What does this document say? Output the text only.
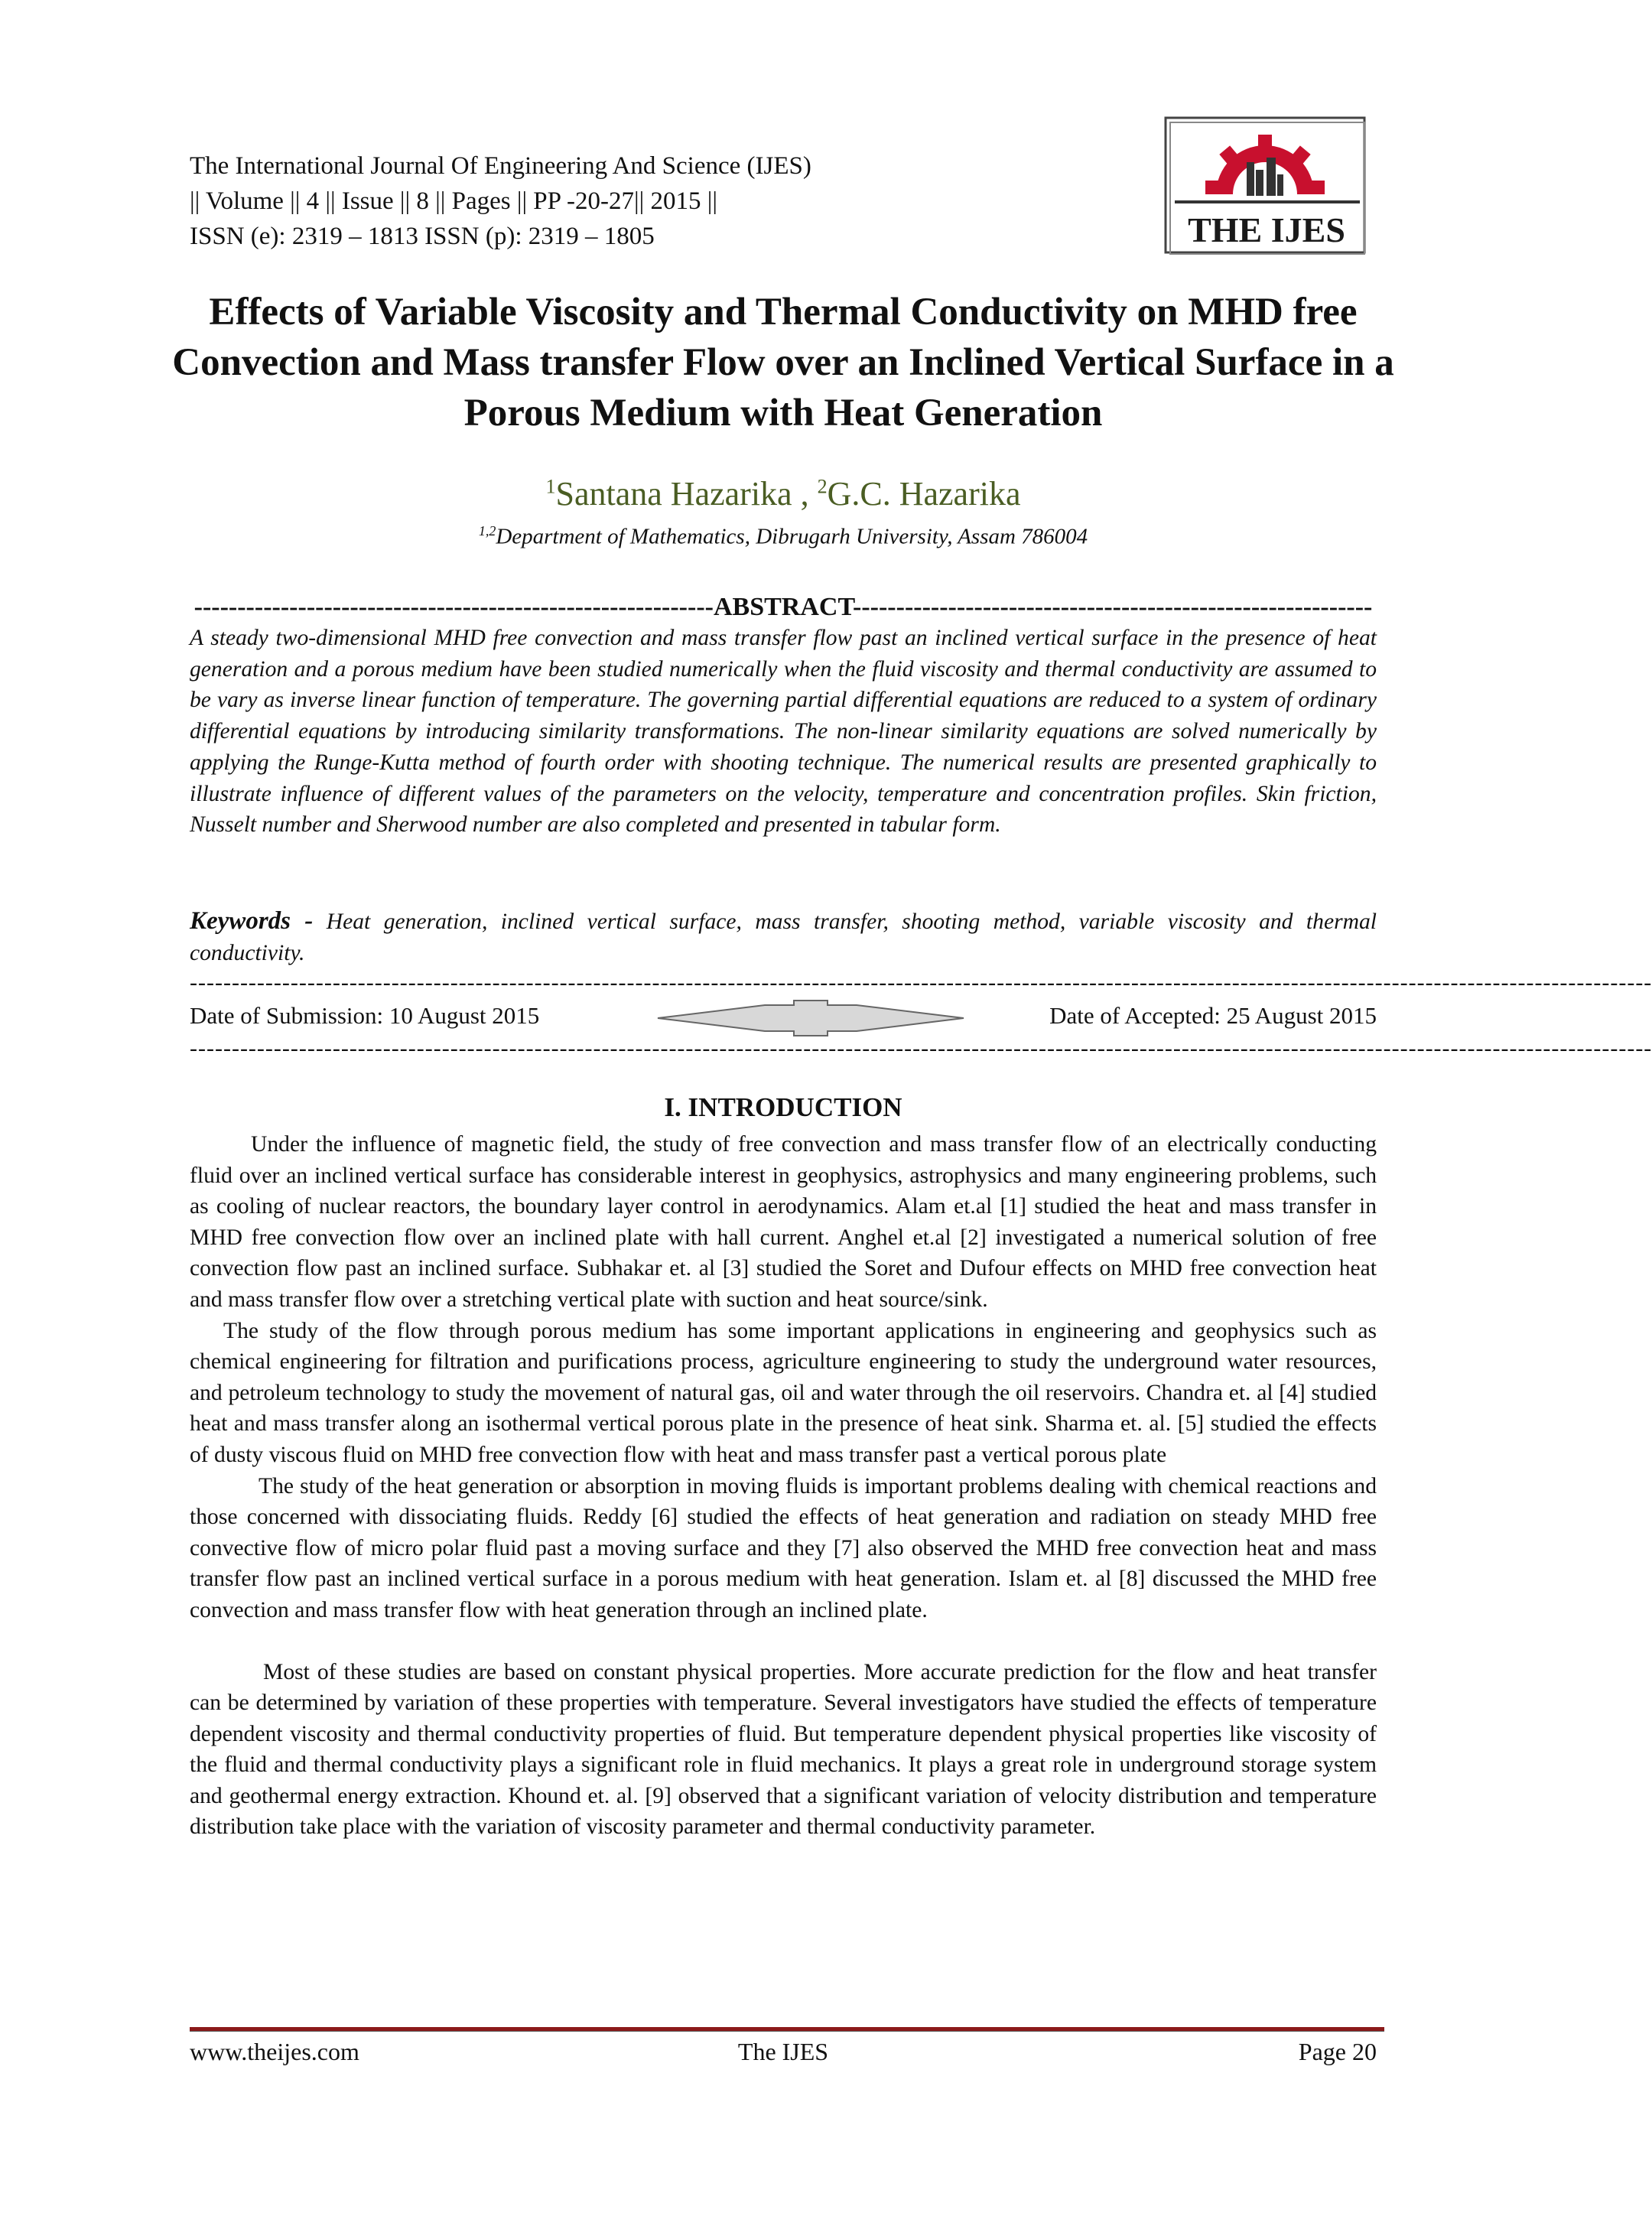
The International Journal Of Engineering And Science (IJES)
|| Volume || 4 || Issue || 8 || Pages || PP -20-27|| 2015 ||
ISSN (e): 2319 – 1813 ISSN (p): 2319 – 1805	THE IJES
Effects of Variable Viscosity and Thermal Conductivity on MHD free Convection and Mass transfer Flow over an Inclined Vertical Surface in a Porous Medium with Heat Generation
$^1$Santana Hazarika , $^2$G.C. Hazarika
$^{1,2}$Department of Mathematics, Dibrugarh University, Assam 786004
------------------------------------------------------------ABSTRACT------------------------------------------------------------
A steady two-dimensional MHD free convection and mass transfer flow past an inclined vertical surface in the presence of heat generation and a porous medium have been studied numerically when the fluid viscosity and thermal conductivity are assumed to be vary as inverse linear function of temperature. The governing partial differential equations are reduced to a system of ordinary differential equations by introducing similarity transformations. The non-linear similarity equations are solved numerically by applying the Runge-Kutta method of fourth order with shooting technique. The numerical results are presented graphically to illustrate influence of different values of the parameters on the velocity, temperature and concentration profiles. Skin friction, Nusselt number and Sherwood number are also completed and presented in tabular form.
Keywords - Heat generation, inclined vertical surface, mass transfer, shooting method, variable viscosity and thermal conductivity.
------------------------------------------------------------------------------------------------------------------------------------------------------------------------------
Date of Submission: 10 August 2015	Date of Accepted: 25 August 2015
------------------------------------------------------------------------------------------------------------------------------------------------------------------------------
I. INTRODUCTION

Under the influence of magnetic field, the study of free convection and mass transfer flow of an electrically conducting fluid over an inclined vertical surface has considerable interest in geophysics, astrophysics and many engineering problems, such as cooling of nuclear reactors, the boundary layer control in aerodynamics. Alam et.al [1] studied the heat and mass transfer in MHD free convection flow over an inclined plate with hall current. Anghel et.al [2] investigated a numerical solution of free convection flow past an inclined surface. Subhakar et. al [3] studied the Soret and Dufour effects on MHD free convection heat and mass transfer flow over a stretching vertical plate with suction and heat source/sink.

The study of the flow through porous medium has some important applications in engineering and geophysics such as chemical engineering for filtration and purifications process, agriculture engineering to study the underground water resources, and petroleum technology to study the movement of natural gas, oil and water through the oil reservoirs. Chandra et. al [4] studied heat and mass transfer along an isothermal vertical porous plate in the presence of heat sink. Sharma et. al. [5] studied the effects of dusty viscous fluid on MHD free convection flow with heat and mass transfer past a vertical porous plate

The study of the heat generation or absorption in moving fluids is important problems dealing with chemical reactions and those concerned with dissociating fluids. Reddy [6] studied the effects of heat generation and radiation on steady MHD free convective flow of micro polar fluid past a moving surface and they [7] also observed the MHD free convection heat and mass transfer flow past an inclined vertical surface in a porous medium with heat generation. Islam et. al [8] discussed the MHD free convection and mass transfer flow with heat generation through an inclined plate.

Most of these studies are based on constant physical properties. More accurate prediction for the flow and heat transfer can be determined by variation of these properties with temperature. Several investigators have studied the effects of temperature dependent viscosity and thermal conductivity properties of fluid. But temperature dependent physical properties like viscosity of the fluid and thermal conductivity plays a significant role in fluid mechanics. It plays a great role in underground storage system and geothermal energy extraction. Khound et. al. [9] observed that a significant variation of velocity distribution and temperature distribution take place with the variation of viscosity parameter and thermal conductivity parameter.

www.theijes.com	The IJES	Page 20
